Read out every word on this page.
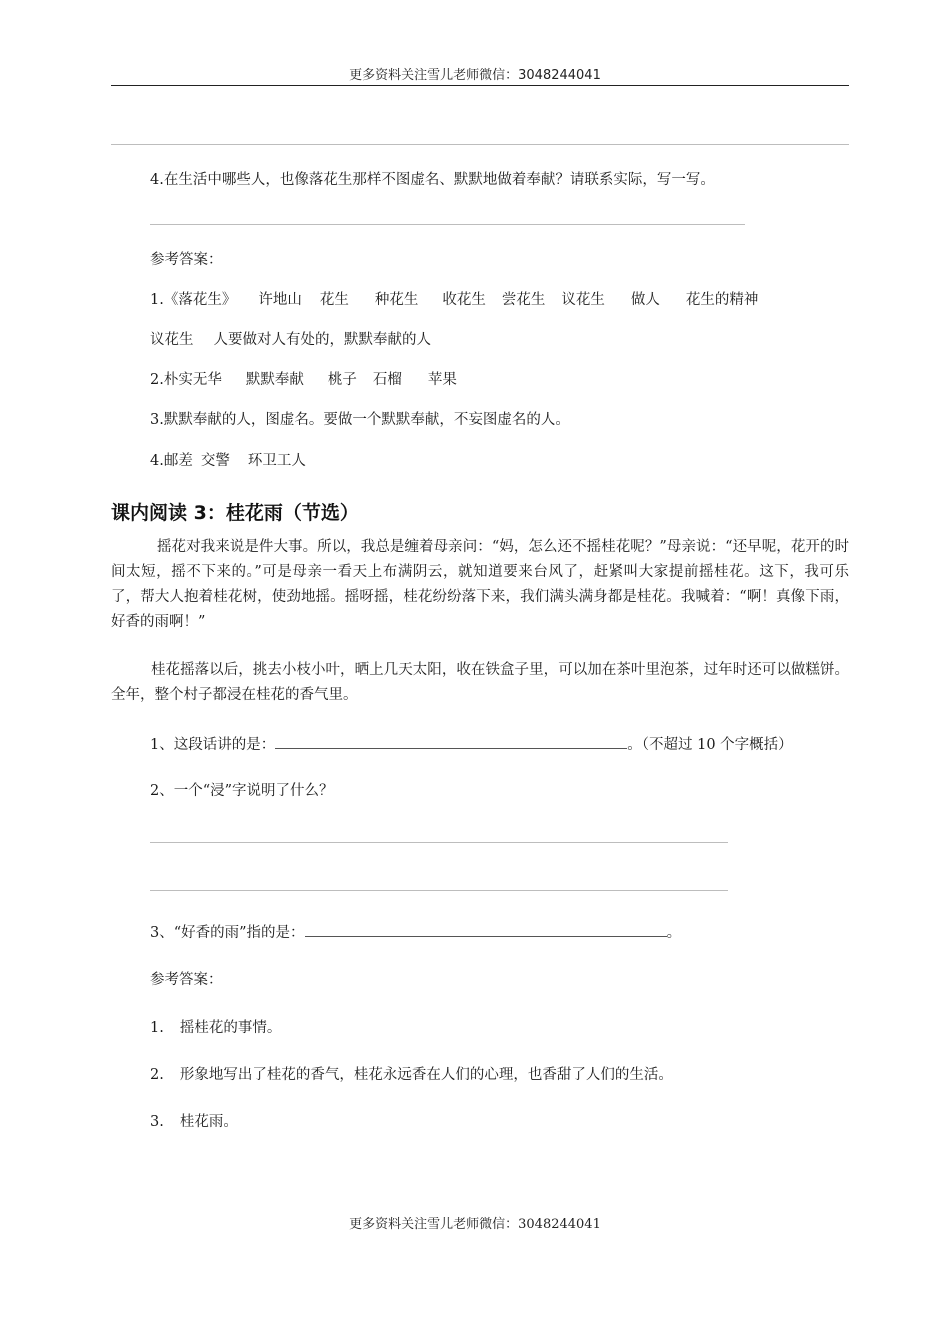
更多资料关注雪儿老师微信：3048244041
4.在生活中哪些人，也像落花生那样不图虚名、默默地做着奉献？请联系实际，写一写。
参考答案：
1.《落花生》 许地山 花生 种花生 收花生 尝花生 议花生 做人 花生的精神
议花生 人要做对人有处的，默默奉献的人
2.朴实无华 默默奉献 桃子 石榴 苹果
3.默默奉献的人，图虚名。要做一个默默奉献，不妄图虚名的人。
4.邮差 交警 环卫工人
课内阅读 3：桂花雨（节选）
摇花对我来说是件大事。所以，我总是缠着母亲问：“妈，怎么还不摇桂花呢？”母亲说：“还早呢，花开的时间太短，摇不下来的。”可是母亲一看天上布满阴云，就知道要来台风了，赶紧叫大家提前摇桂花。这下，我可乐了，帮大人抱着桂花树，使劲地摇。摇呀摇，桂花纷纷落下来，我们满头满身都是桂花。我喊着：“啊！真像下雨，好香的雨啊！”
桂花摇落以后，挑去小枝小叶，晒上几天太阳，收在铁盒子里，可以加在茶叶里泡茶，过年时还可以做糕饼。全年，整个村子都浸在桂花的香气里。
1、这段话讲的是：	。（不超过 10 个字概括）
2、一个“浸”字说明了什么？
3、“好香的雨”指的是：	。
参考答案：
1. 摇桂花的事情。
2. 形象地写出了桂花的香气，桂花永远香在人们的心理，也香甜了人们的生活。
3. 桂花雨。
更多资料关注雪儿老师微信：3048244041
